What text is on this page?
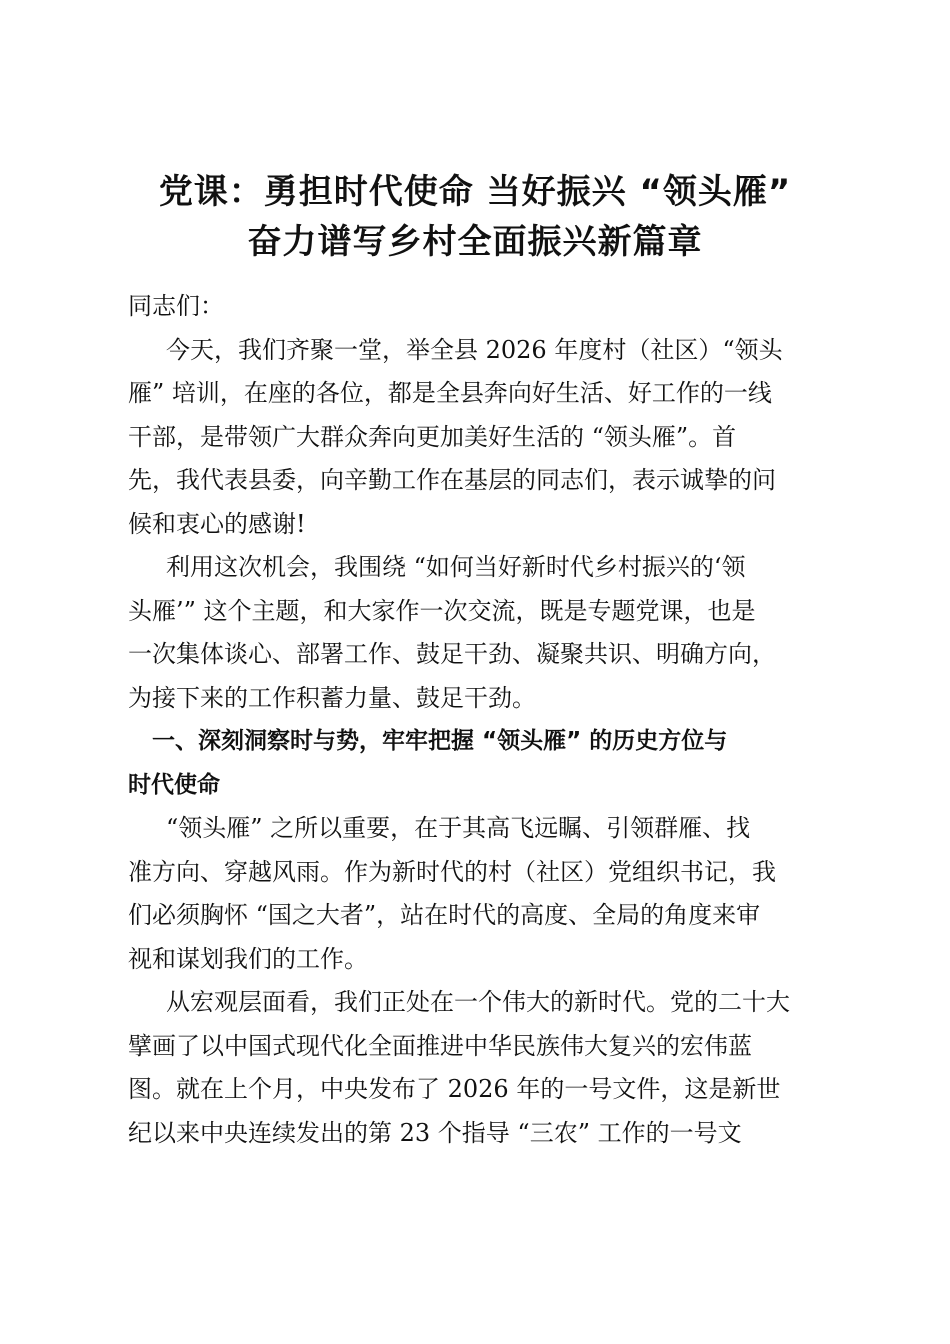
党课：勇担时代使命 当好振兴 “领头雁”
奋力谱写乡村全面振兴新篇章
同志们：
今天，我们齐聚一堂，举全县 2026 年度村（社区）“领头
雁” 培训，在座的各位，都是全县奔向好生活、好工作的一线
干部，是带领广大群众奔向更加美好生活的 “领头雁”。首
先，我代表县委，向辛勤工作在基层的同志们，表示诚挚的问
候和衷心的感谢!
利用这次机会，我围绕 “如何当好新时代乡村振兴的‘领
头雁’” 这个主题，和大家作一次交流，既是专题党课，也是
一次集体谈心、部署工作、鼓足干劲、凝聚共识、明确方向，
为接下来的工作积蓄力量、鼓足干劲。
一、深刻洞察时与势，牢牢把握 “领头雁” 的历史方位与
时代使命
“领头雁” 之所以重要，在于其高飞远瞩、引领群雁、找
准方向、穿越风雨。作为新时代的村（社区）党组织书记，我
们必须胸怀 “国之大者”，站在时代的高度、全局的角度来审
视和谋划我们的工作。
从宏观层面看，我们正处在一个伟大的新时代。党的二十大
擘画了以中国式现代化全面推进中华民族伟大复兴的宏伟蓝
图。就在上个月，中央发布了 2026 年的一号文件，这是新世
纪以来中央连续发出的第 23 个指导 “三农” 工作的一号文
